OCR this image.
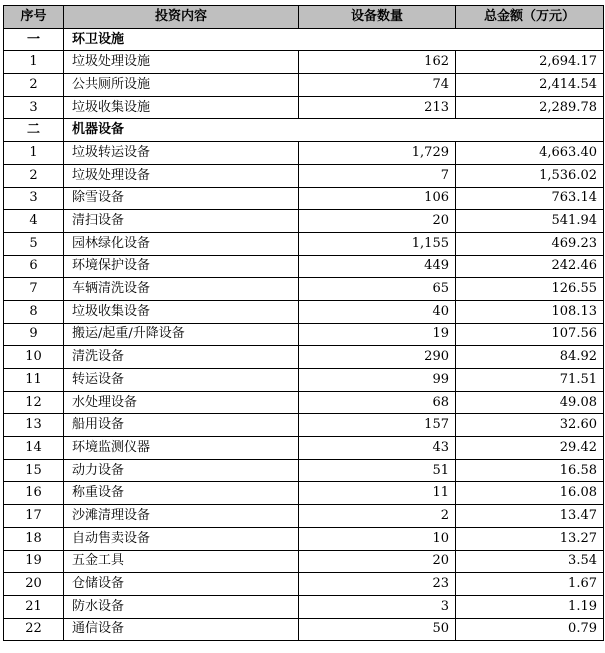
序号	投资内容	设备数量	总金额（万元）
一	环卫设施		
1	垃圾处理设施	162	2,694.17
2	公共厕所设施	74	2,414.54
3	垃圾收集设施	213	2,289.78
二	机器设备		
1	垃圾转运设备	1,729	4,663.40
2	垃圾处理设备	7	1,536.02
3	除雪设备	106	763.14
4	清扫设备	20	541.94
5	园林绿化设备	1,155	469.23
6	环境保护设备	449	242.46
7	车辆清洗设备	65	126.55
8	垃圾收集设备	40	108.13
9	搬运/起重/升降设备	19	107.56
10	清洗设备	290	84.92
11	转运设备	99	71.51
12	水处理设备	68	49.08
13	船用设备	157	32.60
14	环境监测仪器	43	29.42
15	动力设备	51	16.58
16	称重设备	11	16.08
17	沙滩清理设备	2	13.47
18	自动售卖设备	10	13.27
19	五金工具	20	3.54
20	仓储设备	23	1.67
21	防水设备	3	1.19
22	通信设备	50	0.79
